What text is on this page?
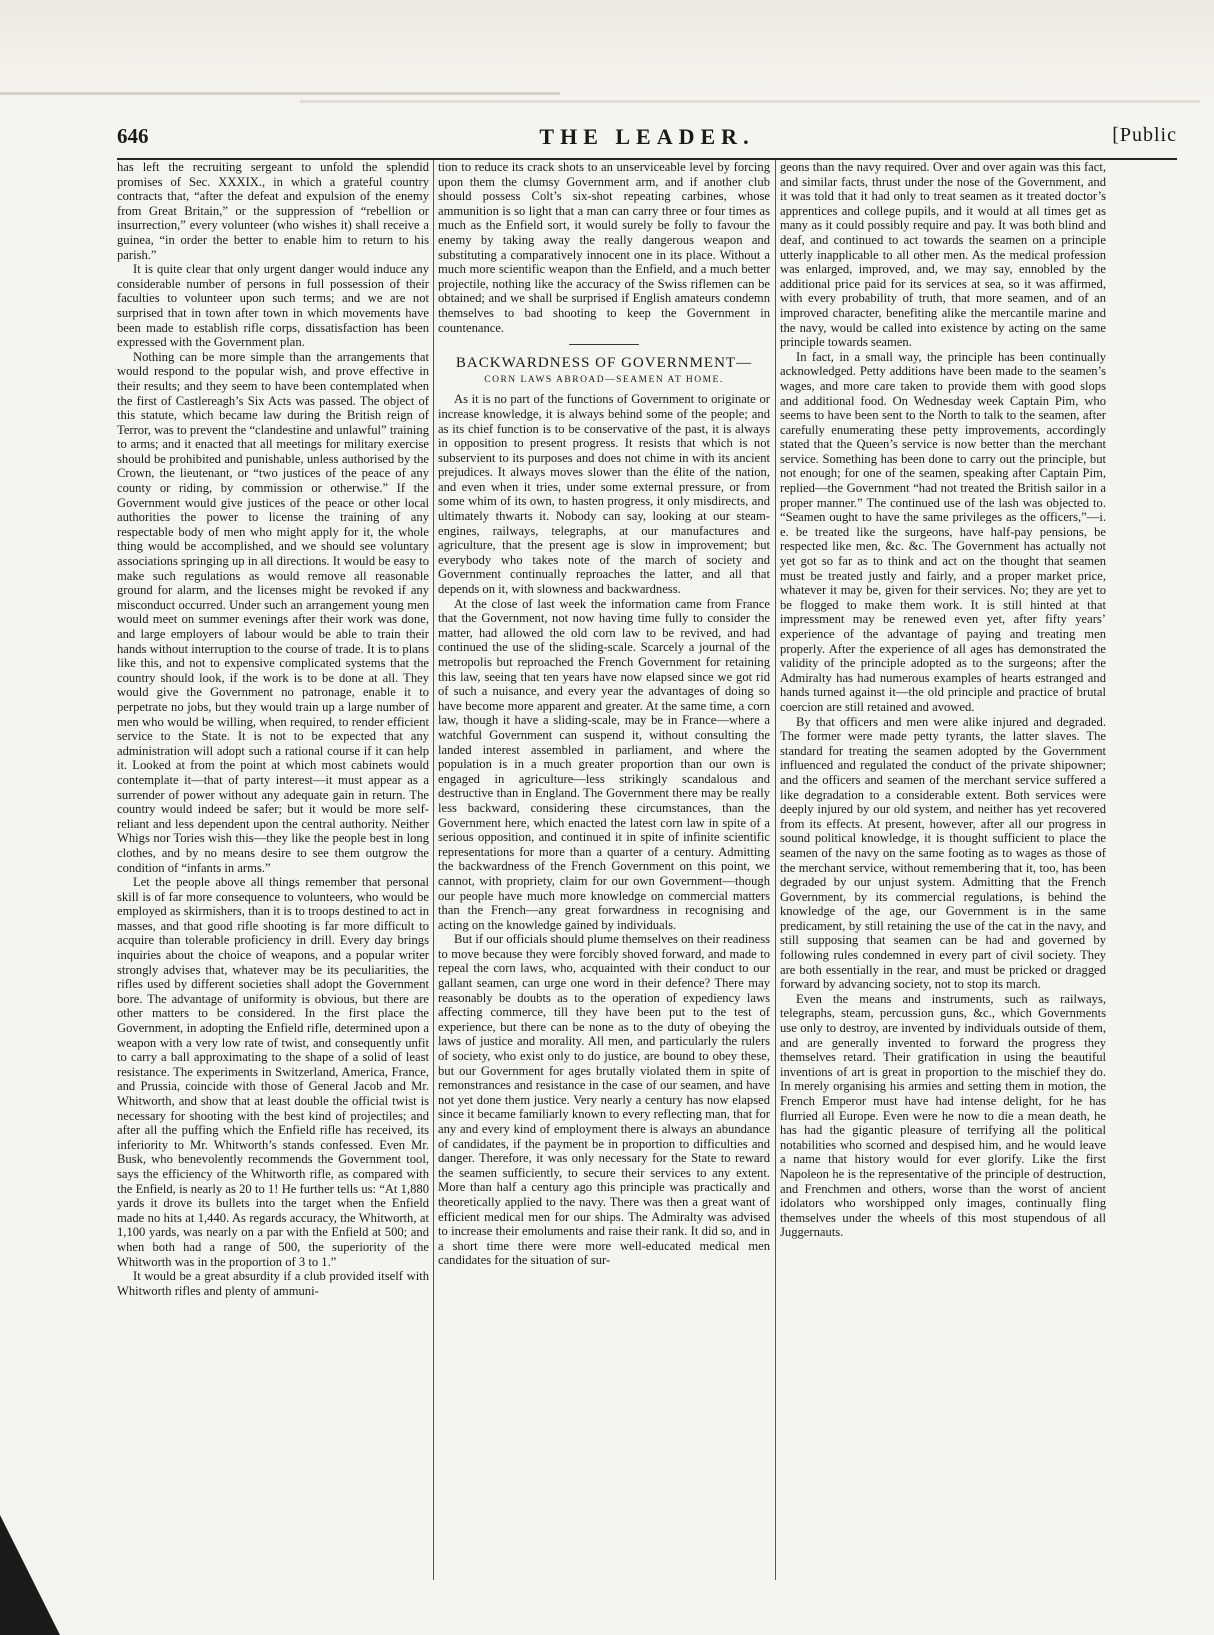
646	THE LEADER.	[Public

has left the recruiting sergeant to unfold the splendid promises of Sec. XXXIX., in which a grateful country contracts that, “after the defeat and expulsion of the enemy from Great Britain,” or the suppression of “rebellion or insurrection,” every volunteer (who wishes it) shall receive a guinea, “in order the better to enable him to return to his parish.”

It is quite clear that only urgent danger would induce any considerable number of persons in full possession of their faculties to volunteer upon such terms; and we are not surprised that in town after town in which movements have been made to establish rifle corps, dissatisfaction has been expressed with the Government plan.

Nothing can be more simple than the arrangements that would respond to the popular wish, and prove effective in their results; and they seem to have been contemplated when the first of Castlereagh’s Six Acts was passed. The object of this statute, which became law during the British reign of Terror, was to prevent the “clandestine and unlawful” training to arms; and it enacted that all meetings for military exercise should be prohibited and punishable, unless authorised by the Crown, the lieutenant, or “two justices of the peace of any county or riding, by commission or otherwise.” If the Government would give justices of the peace or other local authorities the power to license the training of any respectable body of men who might apply for it, the whole thing would be accomplished, and we should see voluntary associations springing up in all directions. It would be easy to make such regulations as would remove all reasonable ground for alarm, and the licenses might be revoked if any misconduct occurred. Under such an arrangement young men would meet on summer evenings after their work was done, and large employers of labour would be able to train their hands without interruption to the course of trade. It is to plans like this, and not to expensive complicated systems that the country should look, if the work is to be done at all. They would give the Government no patronage, enable it to perpetrate no jobs, but they would train up a large number of men who would be willing, when required, to render efficient service to the State. It is not to be expected that any administration will adopt such a rational course if it can help it. Looked at from the point at which most cabinets would contemplate it—that of party interest—it must appear as a surrender of power without any adequate gain in return. The country would indeed be safer; but it would be more self-reliant and less dependent upon the central authority. Neither Whigs nor Tories wish this—they like the people best in long clothes, and by no means desire to see them outgrow the condition of “infants in arms.”

Let the people above all things remember that personal skill is of far more consequence to volunteers, who would be employed as skirmishers, than it is to troops destined to act in masses, and that good rifle shooting is far more difficult to acquire than tolerable proficiency in drill. Every day brings inquiries about the choice of weapons, and a popular writer strongly advises that, whatever may be its peculiarities, the rifles used by different societies shall adopt the Government bore. The advantage of uniformity is obvious, but there are other matters to be considered. In the first place the Government, in adopting the Enfield rifle, determined upon a weapon with a very low rate of twist, and consequently unfit to carry a ball approximating to the shape of a solid of least resistance. The experiments in Switzerland, America, France, and Prussia, coincide with those of General Jacob and Mr. Whitworth, and show that at least double the official twist is necessary for shooting with the best kind of projectiles; and after all the puffing which the Enfield rifle has received, its inferiority to Mr. Whitworth’s stands confessed. Even Mr. Busk, who benevolently recommends the Government tool, says the efficiency of the Whitworth rifle, as compared with the Enfield, is nearly as 20 to 1! He further tells us: “At 1,880 yards it drove its bullets into the target when the Enfield made no hits at 1,440. As regards accuracy, the Whitworth, at 1,100 yards, was nearly on a par with the Enfield at 500; and when both had a range of 500, the superiority of the Whitworth was in the proportion of 3 to 1.”

It would be a great absurdity if a club provided itself with Whitworth rifles and plenty of ammuni-

tion to reduce its crack shots to an unserviceable level by forcing upon them the clumsy Government arm, and if another club should possess Colt’s six-shot repeating carbines, whose ammunition is so light that a man can carry three or four times as much as the Enfield sort, it would surely be folly to favour the enemy by taking away the really dangerous weapon and substituting a comparatively innocent one in its place. Without a much more scientific weapon than the Enfield, and a much better projectile, nothing like the accuracy of the Swiss riflemen can be obtained; and we shall be surprised if English amateurs condemn themselves to bad shooting to keep the Government in countenance.

BACKWARDNESS OF GOVERNMENT—
CORN LAWS ABROAD—SEAMEN AT HOME.

As it is no part of the functions of Government to originate or increase knowledge, it is always behind some of the people; and as its chief function is to be conservative of the past, it is always in opposition to present progress. It resists that which is not subservient to its purposes and does not chime in with its ancient prejudices. It always moves slower than the élite of the nation, and even when it tries, under some external pressure, or from some whim of its own, to hasten progress, it only misdirects, and ultimately thwarts it. Nobody can say, looking at our steam-engines, railways, telegraphs, at our manufactures and agriculture, that the present age is slow in improvement; but everybody who takes note of the march of society and Government continually reproaches the latter, and all that depends on it, with slowness and backwardness.

At the close of last week the information came from France that the Government, not now having time fully to consider the matter, had allowed the old corn law to be revived, and had continued the use of the sliding-scale. Scarcely a journal of the metropolis but reproached the French Government for retaining this law, seeing that ten years have now elapsed since we got rid of such a nuisance, and every year the advantages of doing so have become more apparent and greater. At the same time, a corn law, though it have a sliding-scale, may be in France—where a watchful Government can suspend it, without consulting the landed interest assembled in parliament, and where the population is in a much greater proportion than our own is engaged in agriculture—less strikingly scandalous and destructive than in England. The Government there may be really less backward, considering these circumstances, than the Government here, which enacted the latest corn law in spite of a serious opposition, and continued it in spite of infinite scientific representations for more than a quarter of a century. Admitting the backwardness of the French Government on this point, we cannot, with propriety, claim for our own Government—though our people have much more knowledge on commercial matters than the French—any great forwardness in recognising and acting on the knowledge gained by individuals.

But if our officials should plume themselves on their readiness to move because they were forcibly shoved forward, and made to repeal the corn laws, who, acquainted with their conduct to our gallant seamen, can urge one word in their defence? There may reasonably be doubts as to the operation of expediency laws affecting commerce, till they have been put to the test of experience, but there can be none as to the duty of obeying the laws of justice and morality. All men, and particularly the rulers of society, who exist only to do justice, are bound to obey these, but our Government for ages brutally violated them in spite of remonstrances and resistance in the case of our seamen, and have not yet done them justice. Very nearly a century has now elapsed since it became familiarly known to every reflecting man, that for any and every kind of employment there is always an abundance of candidates, if the payment be in proportion to difficulties and danger. Therefore, it was only necessary for the State to reward the seamen sufficiently, to secure their services to any extent. More than half a century ago this principle was practically and theoretically applied to the navy. There was then a great want of efficient medical men for our ships. The Admiralty was advised to increase their emoluments and raise their rank. It did so, and in a short time there were more well-educated medical men candidates for the situation of sur-

geons than the navy required. Over and over again was this fact, and similar facts, thrust under the nose of the Government, and it was told that it had only to treat seamen as it treated doctor’s apprentices and college pupils, and it would at all times get as many as it could possibly require and pay. It was both blind and deaf, and continued to act towards the seamen on a principle utterly inapplicable to all other men. As the medical profession was enlarged, improved, and, we may say, ennobled by the additional price paid for its services at sea, so it was affirmed, with every probability of truth, that more seamen, and of an improved character, benefiting alike the mercantile marine and the navy, would be called into existence by acting on the same principle towards seamen.

In fact, in a small way, the principle has been continually acknowledged. Petty additions have been made to the seamen’s wages, and more care taken to provide them with good slops and additional food. On Wednesday week Captain Pim, who seems to have been sent to the North to talk to the seamen, after carefully enumerating these petty improvements, accordingly stated that the Queen’s service is now better than the merchant service. Something has been done to carry out the principle, but not enough; for one of the seamen, speaking after Captain Pim, replied—the Government “had not treated the British sailor in a proper manner.” The continued use of the lash was objected to. “Seamen ought to have the same privileges as the officers,”—i. e. be treated like the surgeons, have half-pay pensions, be respected like men, &c. &c. The Government has actually not yet got so far as to think and act on the thought that seamen must be treated justly and fairly, and a proper market price, whatever it may be, given for their services. No; they are yet to be flogged to make them work. It is still hinted at that impressment may be renewed even yet, after fifty years’ experience of the advantage of paying and treating men properly. After the experience of all ages has demonstrated the validity of the principle adopted as to the surgeons; after the Admiralty has had numerous examples of hearts estranged and hands turned against it—the old principle and practice of brutal coercion are still retained and avowed.

By that officers and men were alike injured and degraded. The former were made petty tyrants, the latter slaves. The standard for treating the seamen adopted by the Government influenced and regulated the conduct of the private shipowner; and the officers and seamen of the merchant service suffered a like degradation to a considerable extent. Both services were deeply injured by our old system, and neither has yet recovered from its effects. At present, however, after all our progress in sound political knowledge, it is thought sufficient to place the seamen of the navy on the same footing as to wages as those of the merchant service, without remembering that it, too, has been degraded by our unjust system. Admitting that the French Government, by its commercial regulations, is behind the knowledge of the age, our Government is in the same predicament, by still retaining the use of the cat in the navy, and still supposing that seamen can be had and governed by following rules condemned in every part of civil society. They are both essentially in the rear, and must be pricked or dragged forward by advancing society, not to stop its march.

Even the means and instruments, such as railways, telegraphs, steam, percussion guns, &c., which Governments use only to destroy, are invented by individuals outside of them, and are generally invented to forward the progress they themselves retard. Their gratification in using the beautiful inventions of art is great in proportion to the mischief they do. In merely organising his armies and setting them in motion, the French Emperor must have had intense delight, for he has flurried all Europe. Even were he now to die a mean death, he has had the gigantic pleasure of terrifying all the political notabilities who scorned and despised him, and he would leave a name that history would for ever glorify. Like the first Napoleon he is the representative of the principle of destruction, and Frenchmen and others, worse than the worst of ancient idolators who worshipped only images, continually fling themselves under the wheels of this most stupendous of all Juggernauts.
